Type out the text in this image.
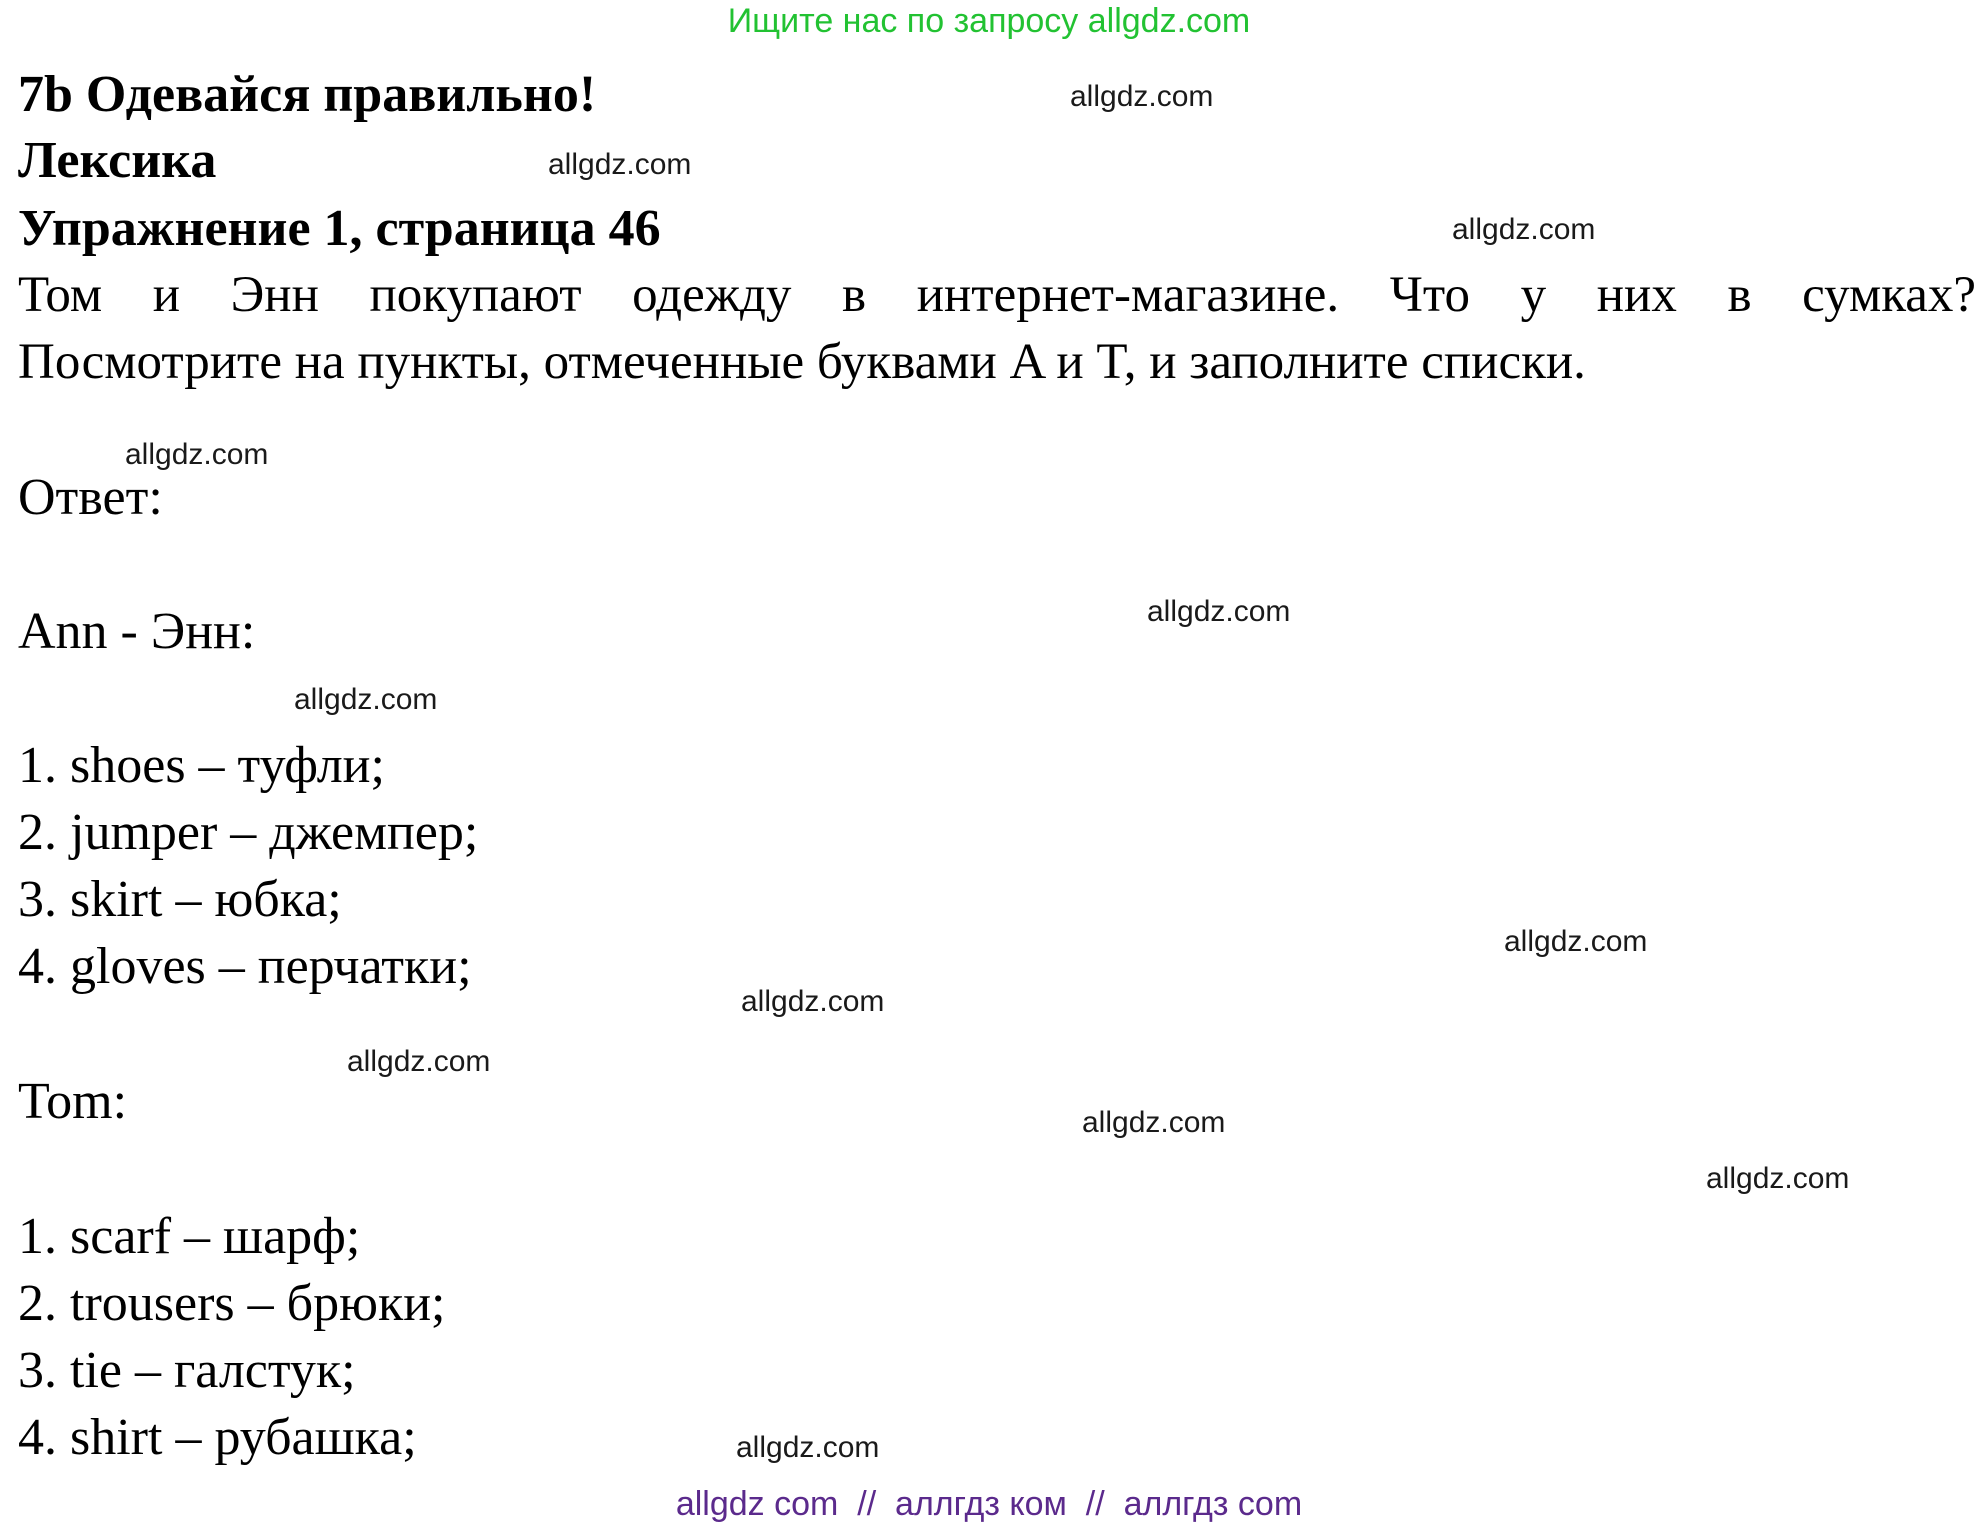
Ищите нас по запросу allgdz.com
7b Одевайся правильно!
Лексика
Упражнение 1, страница 46
Том и Энн покупают одежду в интернет-магазине. Что у них в сумках?
Посмотрите на пункты, отмеченные буквами A и T, и заполните списки.
Ответ:
Ann - Энн:
1. shoes – туфли;
2. jumper – джемпер;
3. skirt – юбка;
4. gloves – перчатки;
Tom:
1. scarf – шарф;
2. trousers – брюки;
3. tie – галстук;
4. shirt – рубашка;
allgdz.com
allgdz.com
allgdz.com
allgdz.com
allgdz.com
allgdz.com
allgdz.com
allgdz.com
allgdz.com
allgdz.com
allgdz.com
allgdz.com
allgdz com  //  аллгдз ком  //  аллгдз com
